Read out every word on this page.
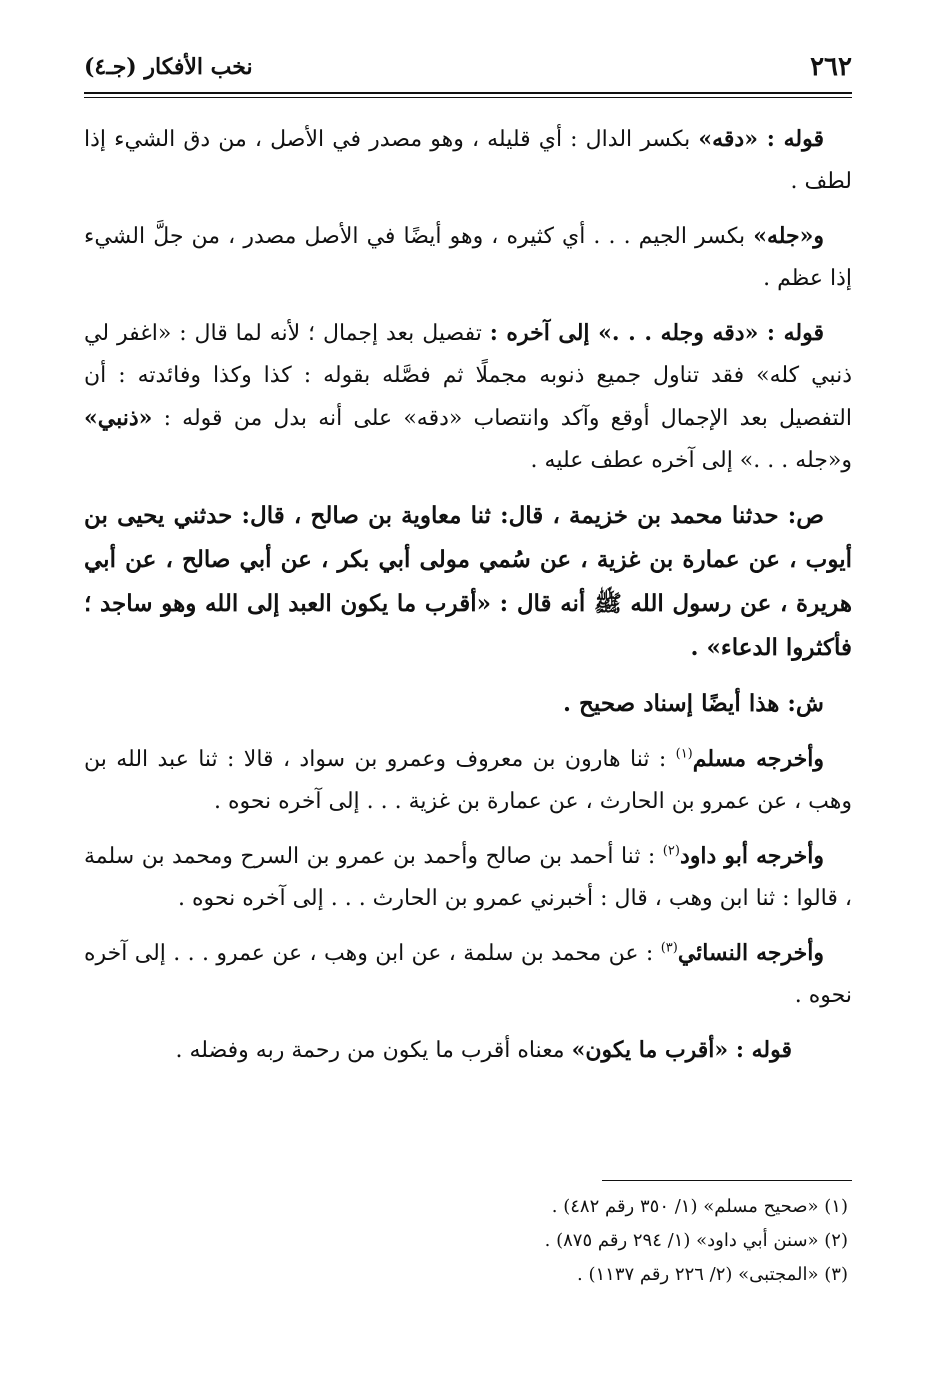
٢٦٢
نخب الأفكار (جـ٤)

قوله : «دقه» بكسر الدال : أي قليله ، وهو مصدر في الأصل ، من دق الشيء إذا لطف .

و«جله» بكسر الجيم . . . أي كثيره ، وهو أيضًا في الأصل مصدر ، من جلَّ الشيء إذا عظم .

قوله : «دقه وجله . . .» إلى آخره : تفصيل بعد إجمال ؛ لأنه لما قال : «اغفر لي ذنبي كله» فقد تناول جميع ذنوبه مجملًا ثم فصَّله بقوله : كذا وكذا وفائدته : أن التفصيل بعد الإجمال أوقع وآكد وانتصاب «دقه» على أنه بدل من قوله : «ذنبي» و«جله . . .» إلى آخره عطف عليه .

ص: حدثنا محمد بن خزيمة ، قال: ثنا معاوية بن صالح ، قال: حدثني يحيى بن أيوب ، عن عمارة بن غزية ، عن سُمي مولى أبي بكر ، عن أبي صالح ، عن أبي هريرة ، عن رسول الله ﷺ أنه قال : «أقرب ما يكون العبد إلى الله وهو ساجد ؛ فأكثروا الدعاء» .

ش: هذا أيضًا إسناد صحيح .

وأخرجه مسلم$^{(١)}$ : ثنا هارون بن معروف وعمرو بن سواد ، قالا : ثنا عبد الله بن وهب ، عن عمرو بن الحارث ، عن عمارة بن غزية . . . إلى آخره نحوه .

وأخرجه أبو داود$^{(٢)}$ : ثنا أحمد بن صالح وأحمد بن عمرو بن السرح ومحمد بن سلمة ، قالوا : ثنا ابن وهب ، قال : أخبرني عمرو بن الحارث . . . إلى آخره نحوه .

وأخرجه النسائي$^{(٣)}$ : عن محمد بن سلمة ، عن ابن وهب ، عن عمرو . . . إلى آخره نحوه .

قوله : «أقرب ما يكون» معناه أقرب ما يكون من رحمة ربه وفضله .

(١) «صحيح مسلم» (١/ ٣٥٠ رقم ٤٨٢) .

(٢) «سنن أبي داود» (١/ ٢٩٤ رقم ٨٧٥) .

(٣) «المجتبى» (٢/ ٢٢٦ رقم ١١٣٧) .
